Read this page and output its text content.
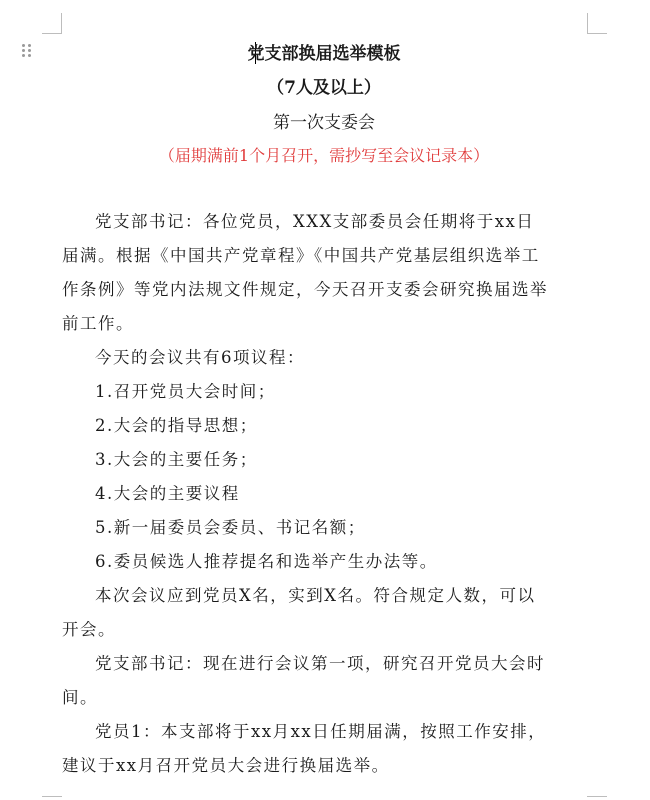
党支部换届选举模板
（7人及以上）
第一次支委会
（届期满前1个月召开，需抄写至会议记录本）

党支部书记：各位党员，XXX支部委员会任期将于xx日
届满。根据《中国共产党章程》《中国共产党基层组织选举工
作条例》等党内法规文件规定，今天召开支委会研究换届选举
前工作。

今天的会议共有6项议程：

1.召开党员大会时间；
2.大会的指导思想；
3.大会的主要任务；
4.大会的主要议程
5.新一届委员会委员、书记名额；
6.委员候选人推荐提名和选举产生办法等。

本次会议应到党员X名，实到X名。符合规定人数，可以
开会。

党支部书记：现在进行会议第一项，研究召开党员大会时
间。

党员1：本支部将于xx月xx日任期届满，按照工作安排，
建议于xx月召开党员大会进行换届选举。
